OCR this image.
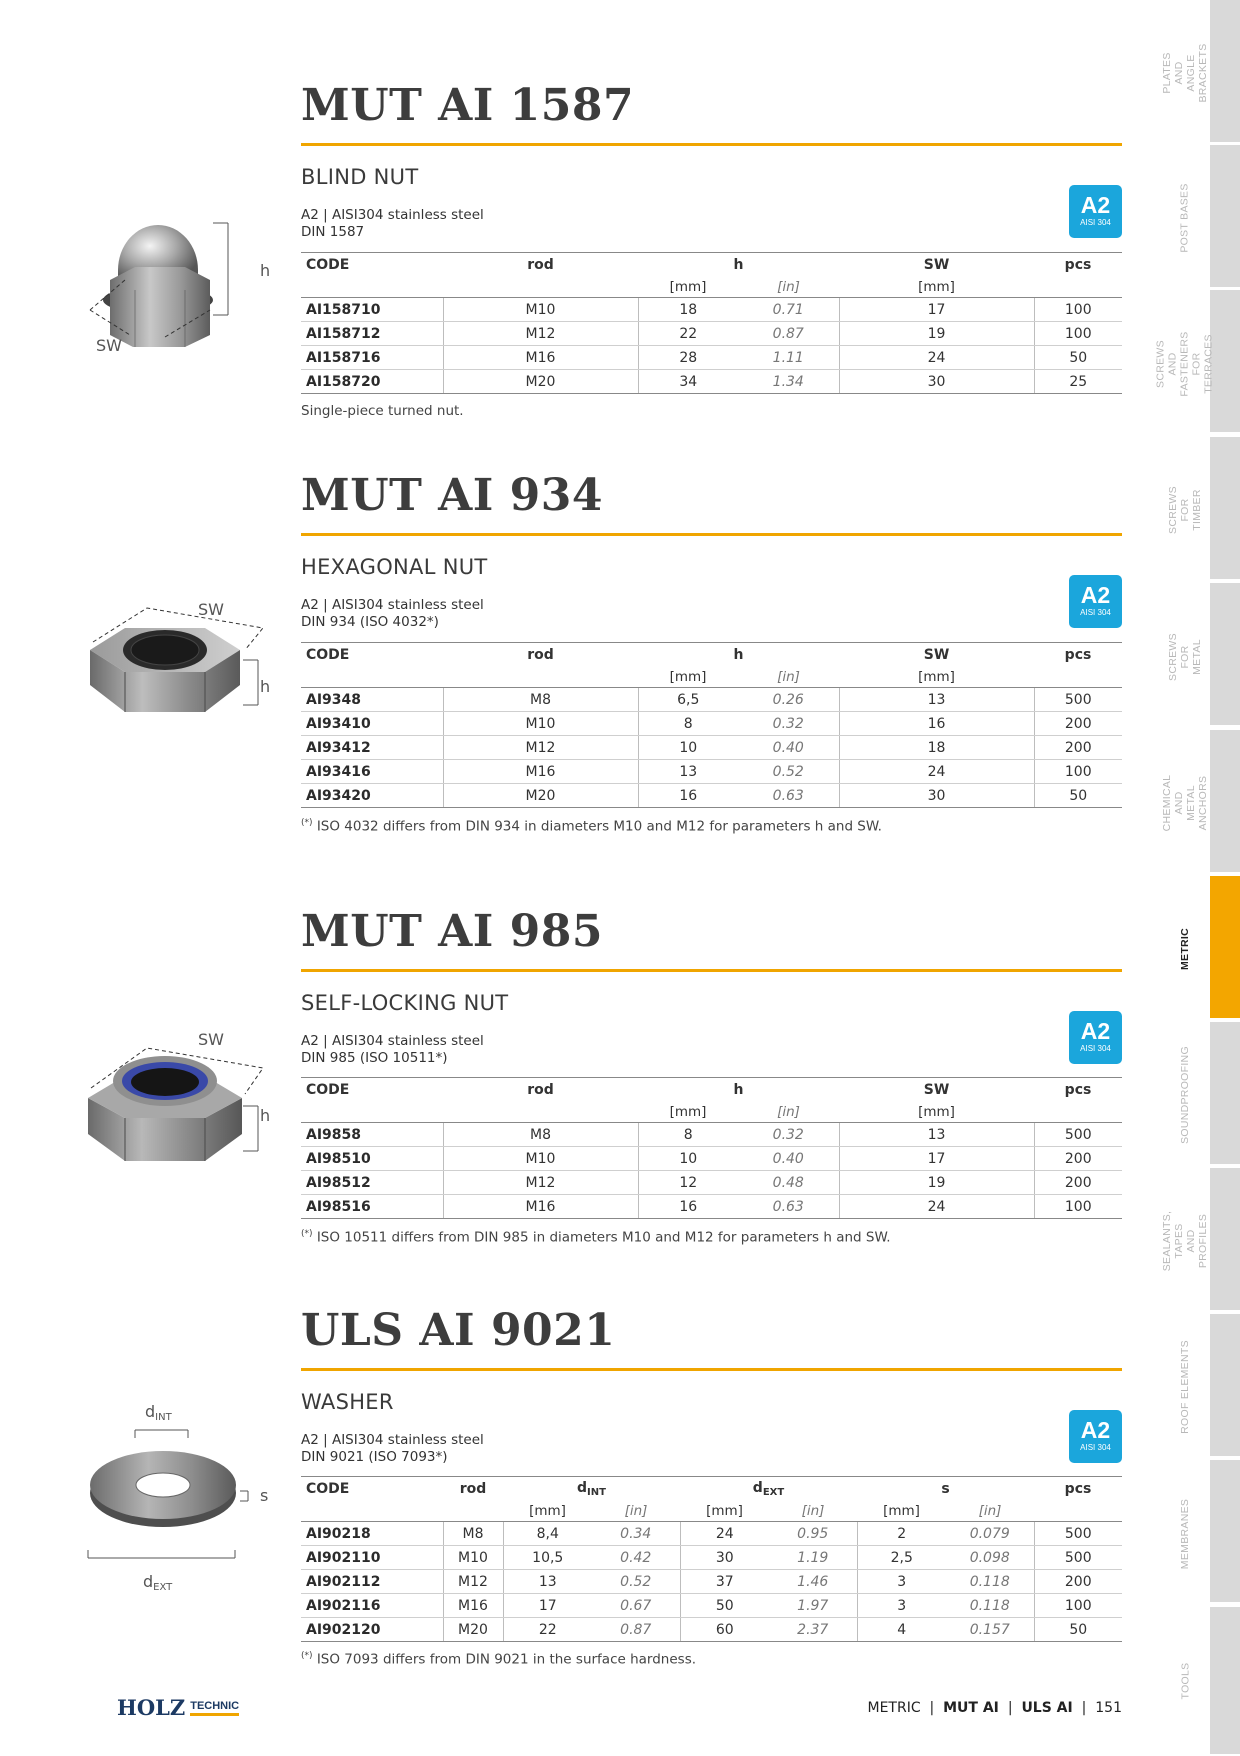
MUT AI 1587
BLIND NUT
A2 | AISI304 stainless steel
DIN 1587
A2
AISI 304
CODE	rod	h		SW	pcs
		[mm]	[in]	[mm]	
AI158710	M10	18	0.71	17	100
AI158712	M12	22	0.87	19	100
AI158716	M16	28	1.11	24	50
AI158720	M20	34	1.34	30	25
Single-piece turned nut.
h
SW
MUT AI 934
HEXAGONAL NUT
A2 | AISI304 stainless steel
DIN 934 (ISO 4032*)
A2
AISI 304
CODE	rod	h		SW	pcs
		[mm]	[in]	[mm]	
AI9348	M8	6,5	0.26	13	500
AI93410	M10	8	0.32	16	200
AI93412	M12	10	0.40	18	200
AI93416	M16	13	0.52	24	100
AI93420	M20	16	0.63	30	50
(*) ISO 4032 differs from DIN 934 in diameters M10 and M12 for parameters h and SW.
SW
h
MUT AI 985
SELF-LOCKING NUT
A2 | AISI304 stainless steel
DIN 985 (ISO 10511*)
A2
AISI 304
CODE	rod	h		SW	pcs
		[mm]	[in]	[mm]	
AI9858	M8	8	0.32	13	500
AI98510	M10	10	0.40	17	200
AI98512	M12	12	0.48	19	200
AI98516	M16	16	0.63	24	100
(*) ISO 10511 differs from DIN 985 in diameters M10 and M12 for parameters h and SW.
SW
h
ULS AI 9021
WASHER
A2 | AISI304 stainless steel
DIN 9021 (ISO 7093*)
A2
AISI 304
CODE	rod	$d_{INT}$		$d_{EXT}$		s		pcs
		[mm]	[in]	[mm]	[in]	[mm]	[in]	
AI90218	M8	8,4	0.34	24	0.95	2	0.079	500
AI902110	M10	10,5	0.42	30	1.19	2,5	0.098	500
AI902112	M12	13	0.52	37	1.46	3	0.118	200
AI902116	M16	17	0.67	50	1.97	3	0.118	100
AI902120	M20	22	0.87	60	2.37	4	0.157	50
(*) ISO 7093 differs from DIN 9021 in the surface hardness.
$d_{INT}$
s
$d_{EXT}$
PLATES AND ANGLE BRACKETS
POST BASES
SCREWS AND FASTENERS FOR TERRACES
SCREWS FOR TIMBER
SCREWS FOR METAL
CHEMICAL AND METAL ANCHORS
METRIC
SOUNDPROOFING
SEALANTS, TAPES AND PROFILES
ROOF ELEMENTS
MEMBRANES
TOOLS
HOLZ $^{TECHNIC}$	METRIC | MUT AI | ULS AI | 151
